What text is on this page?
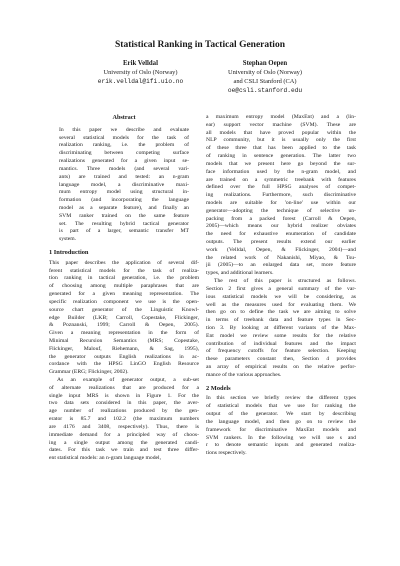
Statistical Ranking in Tactical Generation
Erik Velldal
University of Oslo (Norway)
erik.velldal@ifi.uio.no
Stephan Oepen
University of Oslo (Norway)
and CSLI Stanford (CA)
oe@csli.stanford.edu
Abstract
In this paper we describe and evaluate
several statistical models for the task of
realization ranking, i.e. the problem of
discriminating between competing surface
realizations generated for a given input se-
mantics. Three models (and several vari-
ants) are trained and tested: an n-gram
language model, a discriminative maxi-
mum entropy model using structural in-
formation (and incorporating the language
model as a separate feature), and finally an
SVM ranker trained on the same feature
set. The resulting hybrid tactical generator
is part of a larger, semantic transfer MT
system.
1 Introduction
This paper describes the application of several dif-
ferent statistical models for the task of realiza-
tion ranking in tactical generation, i.e. the problem
of choosing among multiple paraphrases that are
generated for a given meaning representation. The
specific realization component we use is the open-
source chart generator of the Linguistic Knowl-
edge Builder (LKB; Carroll, Copestake, Flickinger,
& Poznanski, 1999; Carroll & Oepen, 2005).
Given a meaning representation in the form of
Minimal Recursion Semantics (MRS; Copestake,
Flickinger, Malouf, Riehemann, & Sag, 1995),
the generator outputs English realizations in ac-
cordance with the HPSG LinGO English Resource
Grammar (ERG; Flickinger, 2002).
As an example of generator output, a sub-set
of alternate realizations that are produced for a
single input MRS is shown in Figure 1. For the
two data sets considered in this paper, the aver-
age number of realizations produced by the gen-
erator is 85.7 and 102.2 (the maximum numbers
are 4176 and 3408, respectively). Thus, there is
immediate demand for a principled way of choos-
ing a single output among the generated candi-
dates. For this task we train and test three differ-
ent statistical models: an n-gram language model,
a maximum entropy model (MaxEnt) and a (lin-
ear) support vector machine (SVM). These are
all models that have proved popular within the
NLP community, but it is usually only the first
of these three that has been applied to the task
of ranking in sentence generation. The latter two
models that we present here go beyond the sur-
face information used by the n-gram model, and
are trained on a symmetric treebank with features
defined over the full HPSG analyses of compet-
ing realizations. Furthermore, such discriminative
models are suitable for 'on-line' use within our
generator—adopting the technique of selective un-
packing from a packed forest (Carroll & Oepen,
2005)—which means our hybrid realizer obviates
the need for exhaustive enumeration of candidate
outputs. The present results extend our earlier
work (Velldal, Oepen, & Flickinger, 2004)—and
the related work of Nakanishi, Miyao, & Tsu-
jii (2005)—to an enlarged data set, more feature
types, and additional learners.
The rest of this paper is structured as follows.
Section 2 first gives a general summary of the var-
ious statistical models we will be considering, as
well as the measures used for evaluating them. We
then go on to define the task we are aiming to solve
in terms of treebank data and feature types in Sec-
tion 3. By looking at different variants of the Max-
Ent model we review some results for the relative
contribution of individual features and the impact
of frequency cutoffs for feature selection. Keeping
these parameters constant then, Section 4 provides
an array of empirical results on the relative perfor-
mance of the various approaches.
2 Models
In this section we briefly review the different types
of statistical models that we use for ranking the
output of the generator. We start by describing
the language model, and then go on to review the
framework for discriminative MaxEnt models and
SVM rankers. In the following we will use s and
r to denote semantic inputs and generated realiza-
tions respectively.
